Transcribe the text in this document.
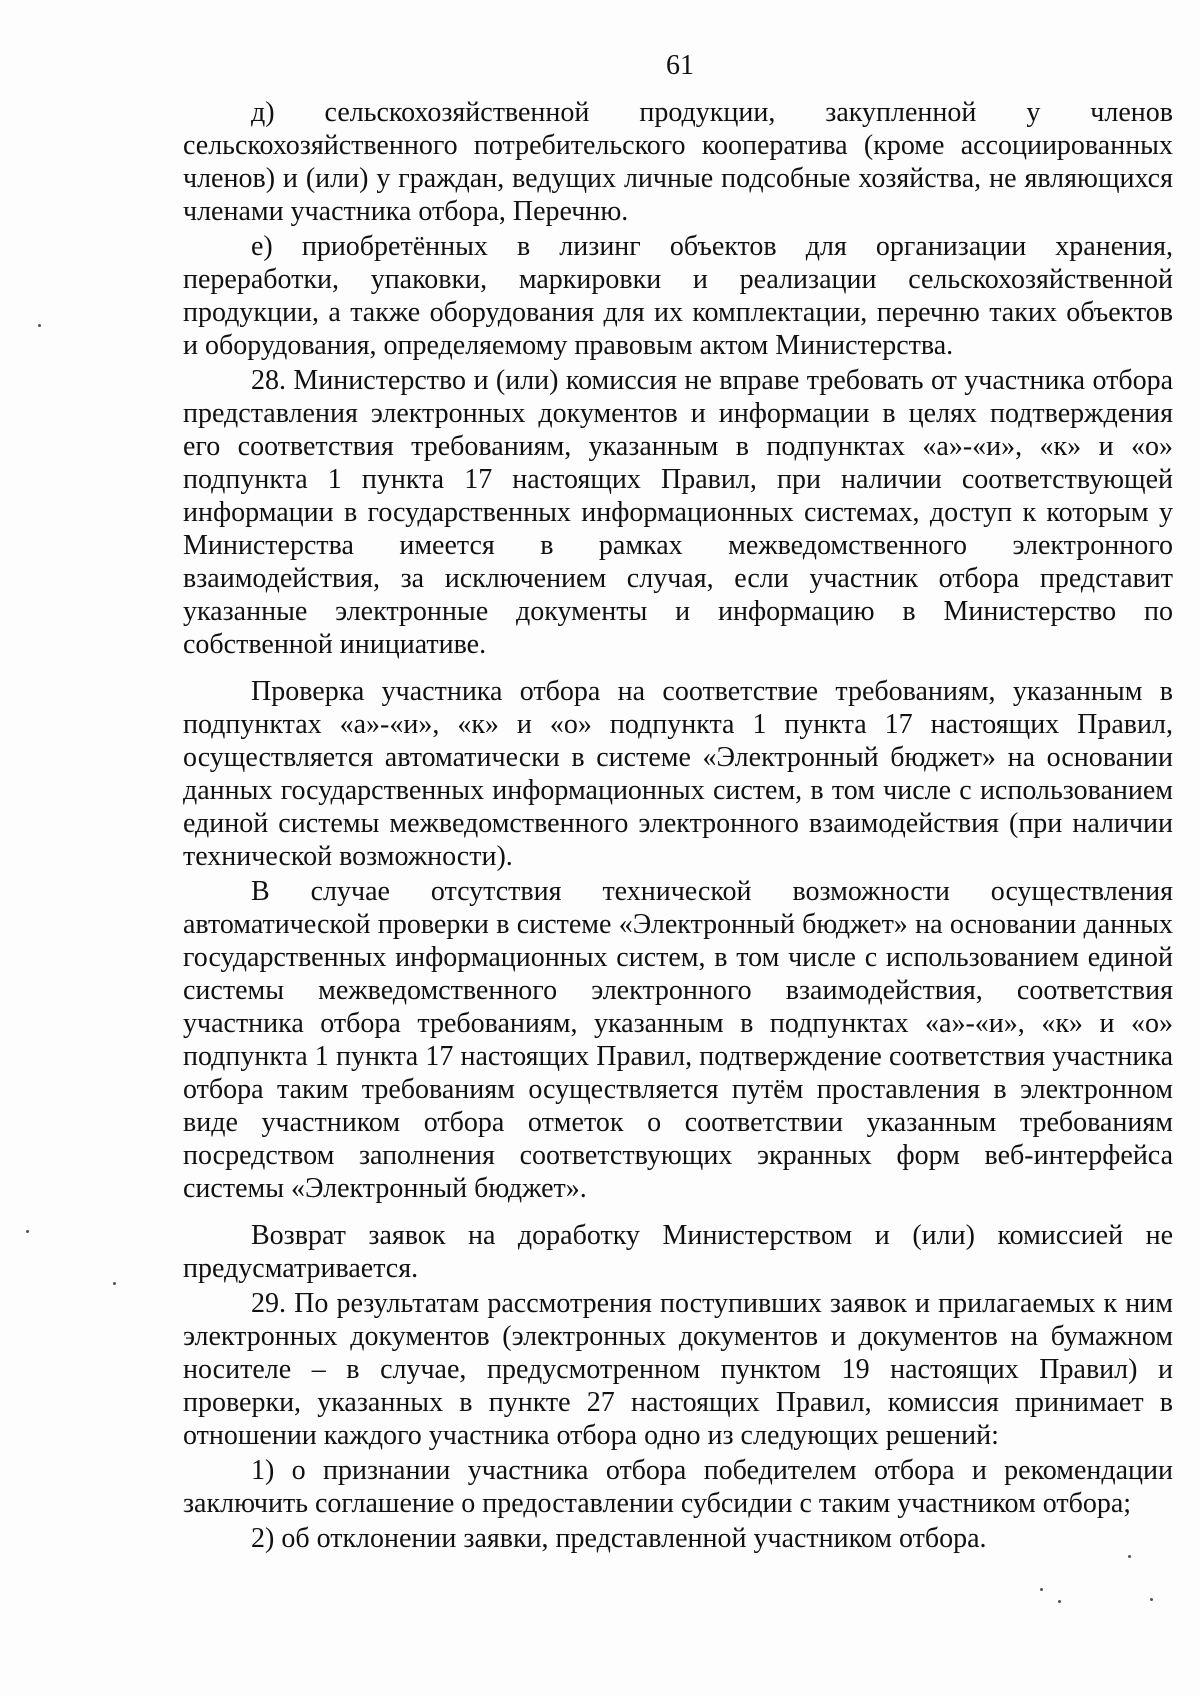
61

д) сельскохозяйственной продукции, закупленной у членов сельскохозяйственного потребительского кооператива (кроме ассоциированных членов) и (или) у граждан, ведущих личные подсобные хозяйства, не являющихся членами участника отбора, Перечню.

е) приобретённых в лизинг объектов для организации хранения, переработки, упаковки, маркировки и реализации сельскохозяйственной продукции, а также оборудования для их комплектации, перечню таких объектов и оборудования, определяемому правовым актом Министерства.

28. Министерство и (или) комиссия не вправе требовать от участника отбора представления электронных документов и информации в целях подтверждения его соответствия требованиям, указанным в подпунктах «а»-«и», «к» и «о» подпункта 1 пункта 17 настоящих Правил, при наличии соответствующей информации в государственных информационных системах, доступ к которым у Министерства имеется в рамках межведомственного электронного взаимодействия, за исключением случая, если участник отбора представит указанные электронные документы и информацию в Министерство по собственной инициативе.

Проверка участника отбора на соответствие требованиям, указанным в подпунктах «а»-«и», «к» и «о» подпункта 1 пункта 17 настоящих Правил, осуществляется автоматически в системе «Электронный бюджет» на основании данных государственных информационных систем, в том числе с использованием единой системы межведомственного электронного взаимодействия (при наличии технической возможности).

В случае отсутствия технической возможности осуществления автоматической проверки в системе «Электронный бюджет» на основании данных государственных информационных систем, в том числе с использованием единой системы межведомственного электронного взаимодействия, соответствия участника отбора требованиям, указанным в подпунктах «а»-«и», «к» и «о» подпункта 1 пункта 17 настоящих Правил, подтверждение соответствия участника отбора таким требованиям осуществляется путём проставления в электронном виде участником отбора отметок о соответствии указанным требованиям посредством заполнения соответствующих экранных форм веб-интерфейса системы «Электронный бюджет».

Возврат заявок на доработку Министерством и (или) комиссией не предусматривается.

29. По результатам рассмотрения поступивших заявок и прилагаемых к ним электронных документов (электронных документов и документов на бумажном носителе – в случае, предусмотренном пунктом 19 настоящих Правил) и проверки, указанных в пункте 27 настоящих Правил, комиссия принимает в отношении каждого участника отбора одно из следующих решений:

1) о признании участника отбора победителем отбора и рекомендации заключить соглашение о предоставлении субсидии с таким участником отбора;

2) об отклонении заявки, представленной участником отбора.
